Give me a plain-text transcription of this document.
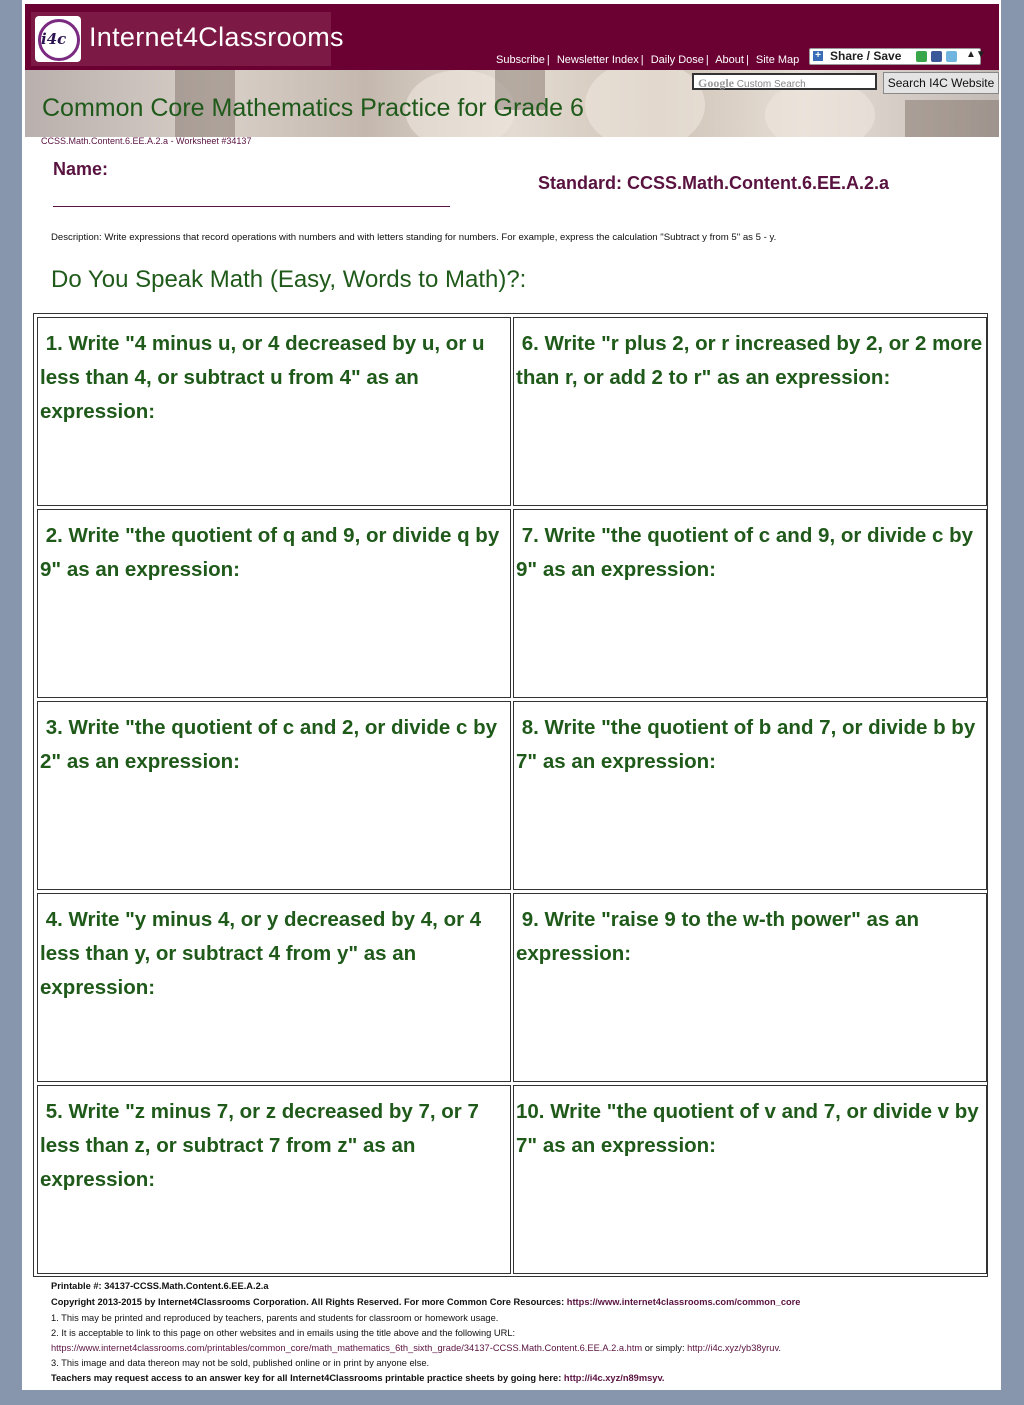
i4c Internet4Classrooms
Subscribe | Newsletter Index | Daily Dose | About | Site Map + Share / Save	▲▼
Common Core Mathematics Practice for Grade 6
Google Custom Search	Search I4C Website
CCSS.Math.Content.6.EE.A.2.a - Worksheet #34137
Name:
Standard: CCSS.Math.Content.6.EE.A.2.a
Description: Write expressions that record operations with numbers and with letters standing for numbers. For example, express the calculation "Subtract y from 5" as 5 - y.
Do You Speak Math (Easy, Words to Math)?:
1. Write "4 minus u, or 4 decreased by u, or u less than 4, or subtract u from 4" as an expression:
6. Write "r plus 2, or r increased by 2, or 2 more than r, or add 2 to r" as an expression:
2. Write "the quotient of q and 9, or divide q by 9" as an expression:
7. Write "the quotient of c and 9, or divide c by 9" as an expression:
3. Write "the quotient of c and 2, or divide c by 2" as an expression:
8. Write "the quotient of b and 7, or divide b by 7" as an expression:
4. Write "y minus 4, or y decreased by 4, or 4 less than y, or subtract 4 from y" as an expression:
9. Write "raise 9 to the w-th power" as an expression:
5. Write "z minus 7, or z decreased by 7, or 7 less than z, or subtract 7 from z" as an expression:
10. Write "the quotient of v and 7, or divide v by 7" as an expression:
Printable #: 34137-CCSS.Math.Content.6.EE.A.2.a
Copyright 2013-2015 by Internet4Classrooms Corporation. All Rights Reserved. For more Common Core Resources: https://www.internet4classrooms.com/common_core
1. This may be printed and reproduced by teachers, parents and students for classroom or homework usage.
2. It is acceptable to link to this page on other websites and in emails using the title above and the following URL:
https://www.internet4classrooms.com/printables/common_core/math_mathematics_6th_sixth_grade/34137-CCSS.Math.Content.6.EE.A.2.a.htm or simply: http://i4c.xyz/yb38yruv.
3. This image and data thereon may not be sold, published online or in print by anyone else.
Teachers may request access to an answer key for all Internet4Classrooms printable practice sheets by going here: http://i4c.xyz/n89msyv.
